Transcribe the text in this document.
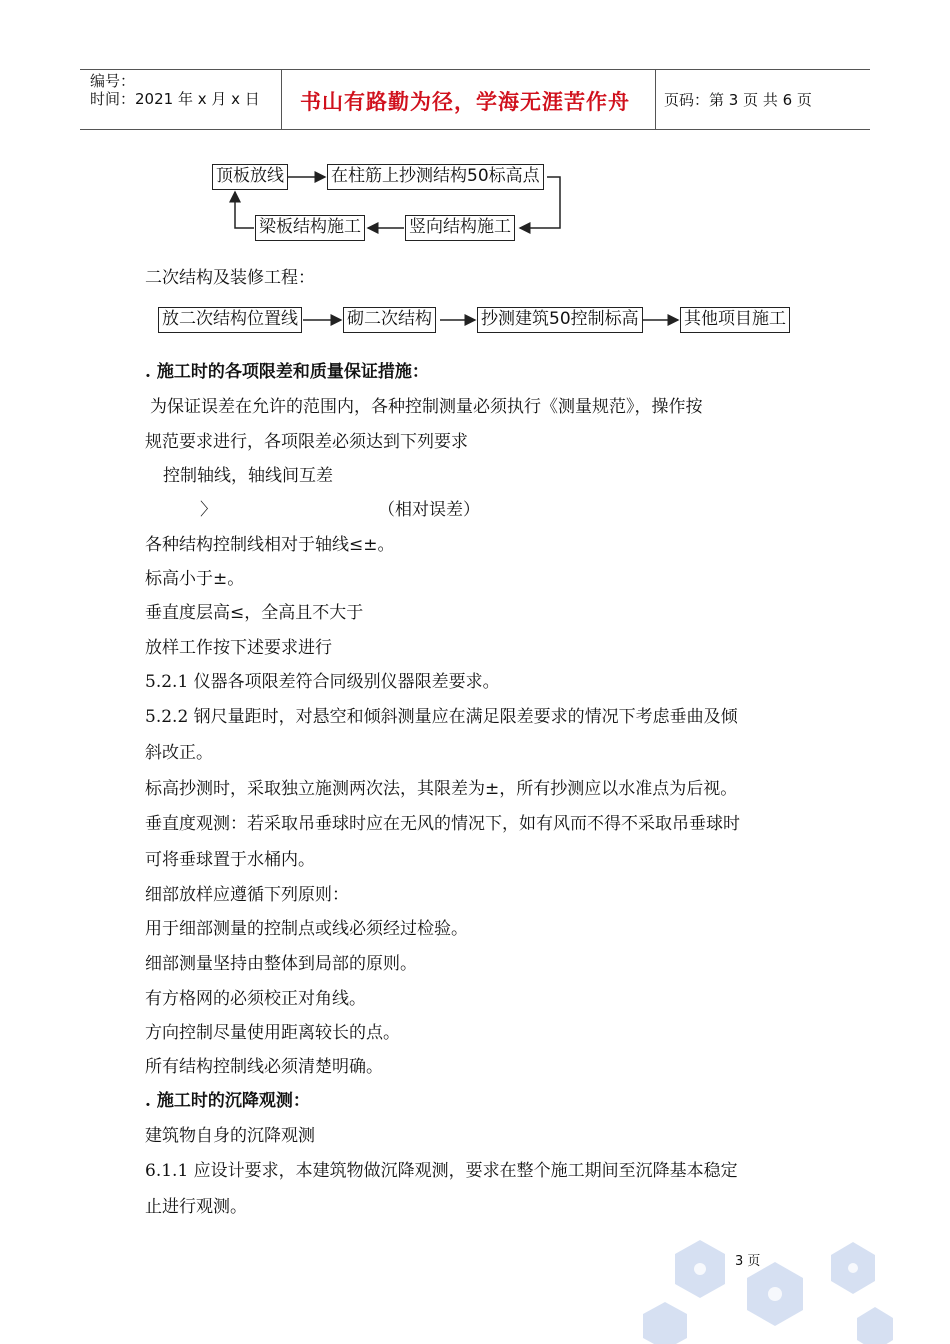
编号：
时间：2021 年 x 月 x 日 书山有路勤为径，学海无涯苦作舟 页码：第 3 页 共 6 页
顶板放线	在柱筋上抄测结构50标高点
竖向结构施工
梁板结构施工
二次结构及装修工程：
放二次结构位置线	砌二次结构	抄测建筑50控制标高	其他项目施工
. 施工时的各项限差和质量保证措施：
为保证误差在允许的范围内，各种控制测量必须执行《测量规范》，操作按
规范要求进行，各项限差必须达到下列要求
控制轴线，轴线间互差
〉	（相对误差）
各种结构控制线相对于轴线≤±。
标高小于±。
垂直度层高≤，全高且不大于
放样工作按下述要求进行
5.2.1 仪器各项限差符合同级别仪器限差要求。
5.2.2 钢尺量距时，对悬空和倾斜测量应在满足限差要求的情况下考虑垂曲及倾
斜改正。
标高抄测时，采取独立施测两次法，其限差为±，所有抄测应以水准点为后视。
垂直度观测：若采取吊垂球时应在无风的情况下，如有风而不得不采取吊垂球时
可将垂球置于水桶内。
细部放样应遵循下列原则：
用于细部测量的控制点或线必须经过检验。
细部测量坚持由整体到局部的原则。
有方格网的必须校正对角线。
方向控制尽量使用距离较长的点。
所有结构控制线必须清楚明确。
. 施工时的沉降观测：
建筑物自身的沉降观测
6.1.1 应设计要求，本建筑物做沉降观测，要求在整个施工期间至沉降基本稳定
止进行观测。
3 页
